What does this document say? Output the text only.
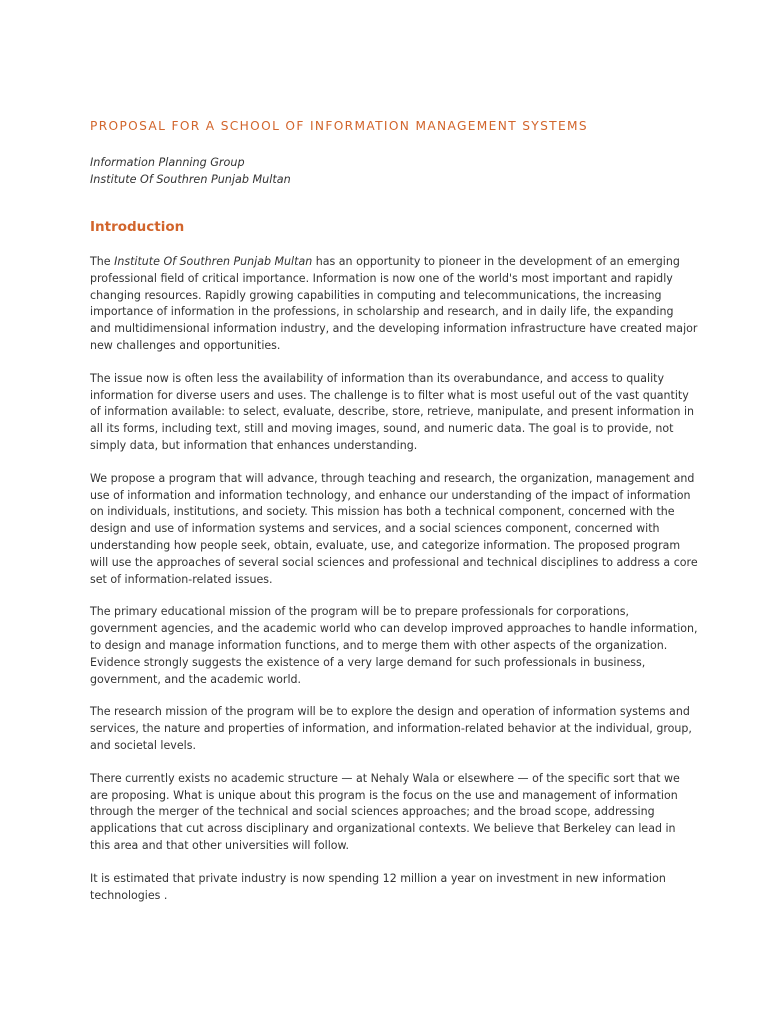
PROPOSAL FOR A SCHOOL OF INFORMATION MANAGEMENT SYSTEMS
Information Planning Group
Institute Of Southren Punjab Multan
Introduction

The Institute Of Southren Punjab Multan has an opportunity to pioneer in the development of an emerging
professional field of critical importance. Information is now one of the world's most important and rapidly
changing resources. Rapidly growing capabilities in computing and telecommunications, the increasing
importance of information in the professions, in scholarship and research, and in daily life, the expanding
and multidimensional information industry, and the developing information infrastructure have created major
new challenges and opportunities.

The issue now is often less the availability of information than its overabundance, and access to quality
information for diverse users and uses. The challenge is to filter what is most useful out of the vast quantity
of information available: to select, evaluate, describe, store, retrieve, manipulate, and present information in
all its forms, including text, still and moving images, sound, and numeric data. The goal is to provide, not
simply data, but information that enhances understanding.

We propose a program that will advance, through teaching and research, the organization, management and
use of information and information technology, and enhance our understanding of the impact of information
on individuals, institutions, and society. This mission has both a technical component, concerned with the
design and use of information systems and services, and a social sciences component, concerned with
understanding how people seek, obtain, evaluate, use, and categorize information. The proposed program
will use the approaches of several social sciences and professional and technical disciplines to address a core
set of information-related issues.

The primary educational mission of the program will be to prepare professionals for corporations,
government agencies, and the academic world who can develop improved approaches to handle information,
to design and manage information functions, and to merge them with other aspects of the organization.
Evidence strongly suggests the existence of a very large demand for such professionals in business,
government, and the academic world.

The research mission of the program will be to explore the design and operation of information systems and
services, the nature and properties of information, and information-related behavior at the individual, group,
and societal levels.

There currently exists no academic structure — at Nehaly Wala or elsewhere — of the specific sort that we
are proposing. What is unique about this program is the focus on the use and management of information
through the merger of the technical and social sciences approaches; and the broad scope, addressing
applications that cut across disciplinary and organizational contexts. We believe that Berkeley can lead in
this area and that other universities will follow.

It is estimated that private industry is now spending 12 million a year on investment in new information
technologies .
